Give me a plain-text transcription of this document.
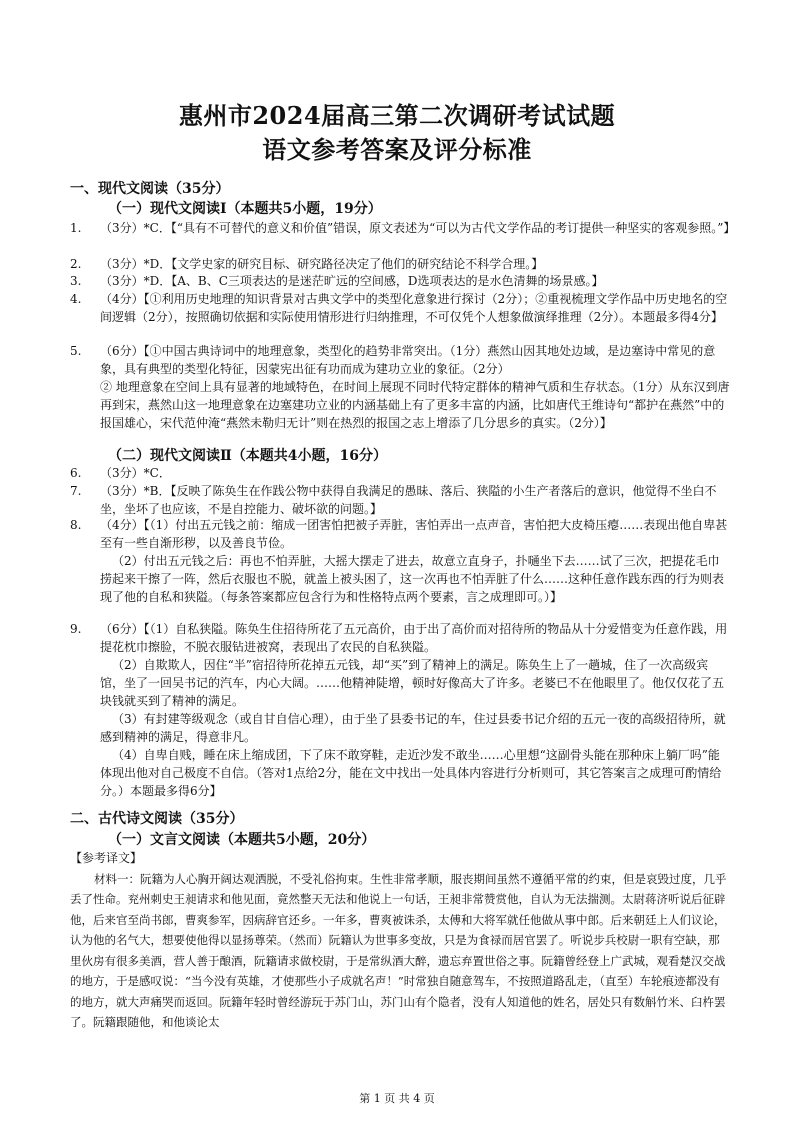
惠州市2024届高三第二次调研考试试题
语文参考答案及评分标准
一、现代文阅读（35分）
（一）现代文阅读Ⅰ（本题共5小题，19分）
1.	（3分）*C．【“具有不可替代的意义和价值”错误，原文表述为“可以为古代文学作品的考订提供一种坚实的客观参照。”】

2.	（3分）*D．【文学史家的研究目标、研究路径决定了他们的研究结论不科学合理。】

3.	（3分）*D．【A、B、C三项表达的是迷茫旷远的空间感，D选项表达的是水色清舞的场景感。】

4.	（4分）【①利用历史地理的知识背景对古典文学中的类型化意象进行探讨（2分）；②重视梳理文学作品中历史地名的空间逻辑（2分），按照确切依据和实际使用情形进行归纳推理，不可仅凭个人想象做演绎推理（2分）。本题最多得4分】

5.	（6分）【①中国古典诗词中的地理意象，类型化的趋势非常突出。（1分）燕然山因其地处边域，是边塞诗中常见的意象，具有典型的类型化特征，因蒙宪出征有功而成为建功立业的象征。（2分）

② 地理意象在空间上具有显著的地域特色，在时间上展现不同时代特定群体的精神气质和生存状态。（1分）从东汉到唐再到宋，燕然山这一地理意象在边塞建功立业的内涵基础上有了更多丰富的内涵，比如唐代王维诗句“都护在燕然”中的报国雄心，宋代范仲淹“燕然未勒归无计”则在热烈的报国之志上增添了几分思乡的真实。（2分）】

（二）现代文阅读Ⅱ（本题共4小题，16分）
6.	（3分）*C．

7.	（3分）*B．【反映了陈奂生在作践公物中获得自我满足的愚昧、落后、狭隘的小生产者落后的意识，他觉得不坐白不坐，坐坏了也应该，不是自控能力、破坏欲的问题。】

8.	（4分）【（1）付出五元钱之前：缩成一团害怕把被子弄脏，害怕弄出一点声音，害怕把大皮椅压瘪……表现出他自卑甚至有一些自渐形秽，以及善良节俭。

（2）付出五元钱之后：再也不怕弄脏，大摇大摆走了进去，故意立直身子，扑嗵坐下去……试了三次，把提花毛巾捞起来干擦了一阵，然后衣服也不脱，就盖上被头困了，这一次再也不怕弄脏了什么……这种任意作践东西的行为则表现了他的自私和狭隘。（每条答案都应包含行为和性格特点两个要素，言之成理即可。）】

9.	（6分）【（1）自私狭隘。陈奂生住招待所花了五元高价，由于出了高价而对招待所的物品从十分爱惜变为任意作践，用提花枕巾擦脸，不脱衣服钻进被窝，表现出了农民的自私狭隘。

（2）自欺欺人，因住“半”宿招待所花掉五元钱，却“买”到了精神上的满足。陈奂生上了一趟城，住了一次高级宾馆，坐了一回吴书记的汽车，内心大阔。……他精神陡增，顿时好像高大了许多。老婆已不在他眼里了。他仅仅花了五块钱就买到了精神的满足。

（3）有封建等级观念（或自甘自信心理），由于坐了县委书记的车，住过县委书记介绍的五元一夜的高级招待所，就感到精神的满足，得意非凡。

（4）自卑自贱，睡在床上缩成团，下了床不敢穿鞋，走近沙发不敢坐……心里想“这副骨头能在那种床上躺厂吗”能体现出他对自己极度不自信。（答对1点给2分，能在文中找出一处具体内容进行分析则可，其它答案言之成理可酌情给分。）本题最多得6分】

二、古代诗文阅读（35分）
（一）文言文阅读（本题共5小题，20分）
【参考译文】

材料一：阮籍为人心胸开阔达观洒脱，不受礼俗拘束。生性非常孝顺，服丧期间虽然不遵循平常的约束，但是哀毁过度，几乎丢了性命。兖州刺史王昶请求和他见面，竟然整天无法和他说上一句话，王昶非常赞赏他，自认为无法揣测。太尉蒋济听说后征辟他，后来官至尚书郎，曹爽参军，因病辞官还乡。一年多，曹爽被诛杀，太傅和大将军就任他做从事中郎。后来朝廷上人们议论，认为他的名气大，想要使他得以显扬尊荣。（然而）阮籍认为世事多变故，只是为食禄而居官罢了。听说步兵校尉一职有空缺，那里伙房有很多美酒，营人善于酿酒，阮籍请求做校尉，于是常纵酒大醉，遗忘弃置世俗之事。阮籍曾经登上广武城，观看楚汉交战的地方，于是感叹说：“当今没有英雄，才使那些小子成就名声！”时常独自随意驾车，不按照道路乱走，（直至）车轮痕迹都没有的地方，就大声痛哭而返回。阮籍年轻时曾经游玩于苏门山，苏门山有个隐者，没有人知道他的姓名，居处只有数斛竹米、臼杵罢了。阮籍跟随他，和他谈论太

第 1 页 共 4 页
